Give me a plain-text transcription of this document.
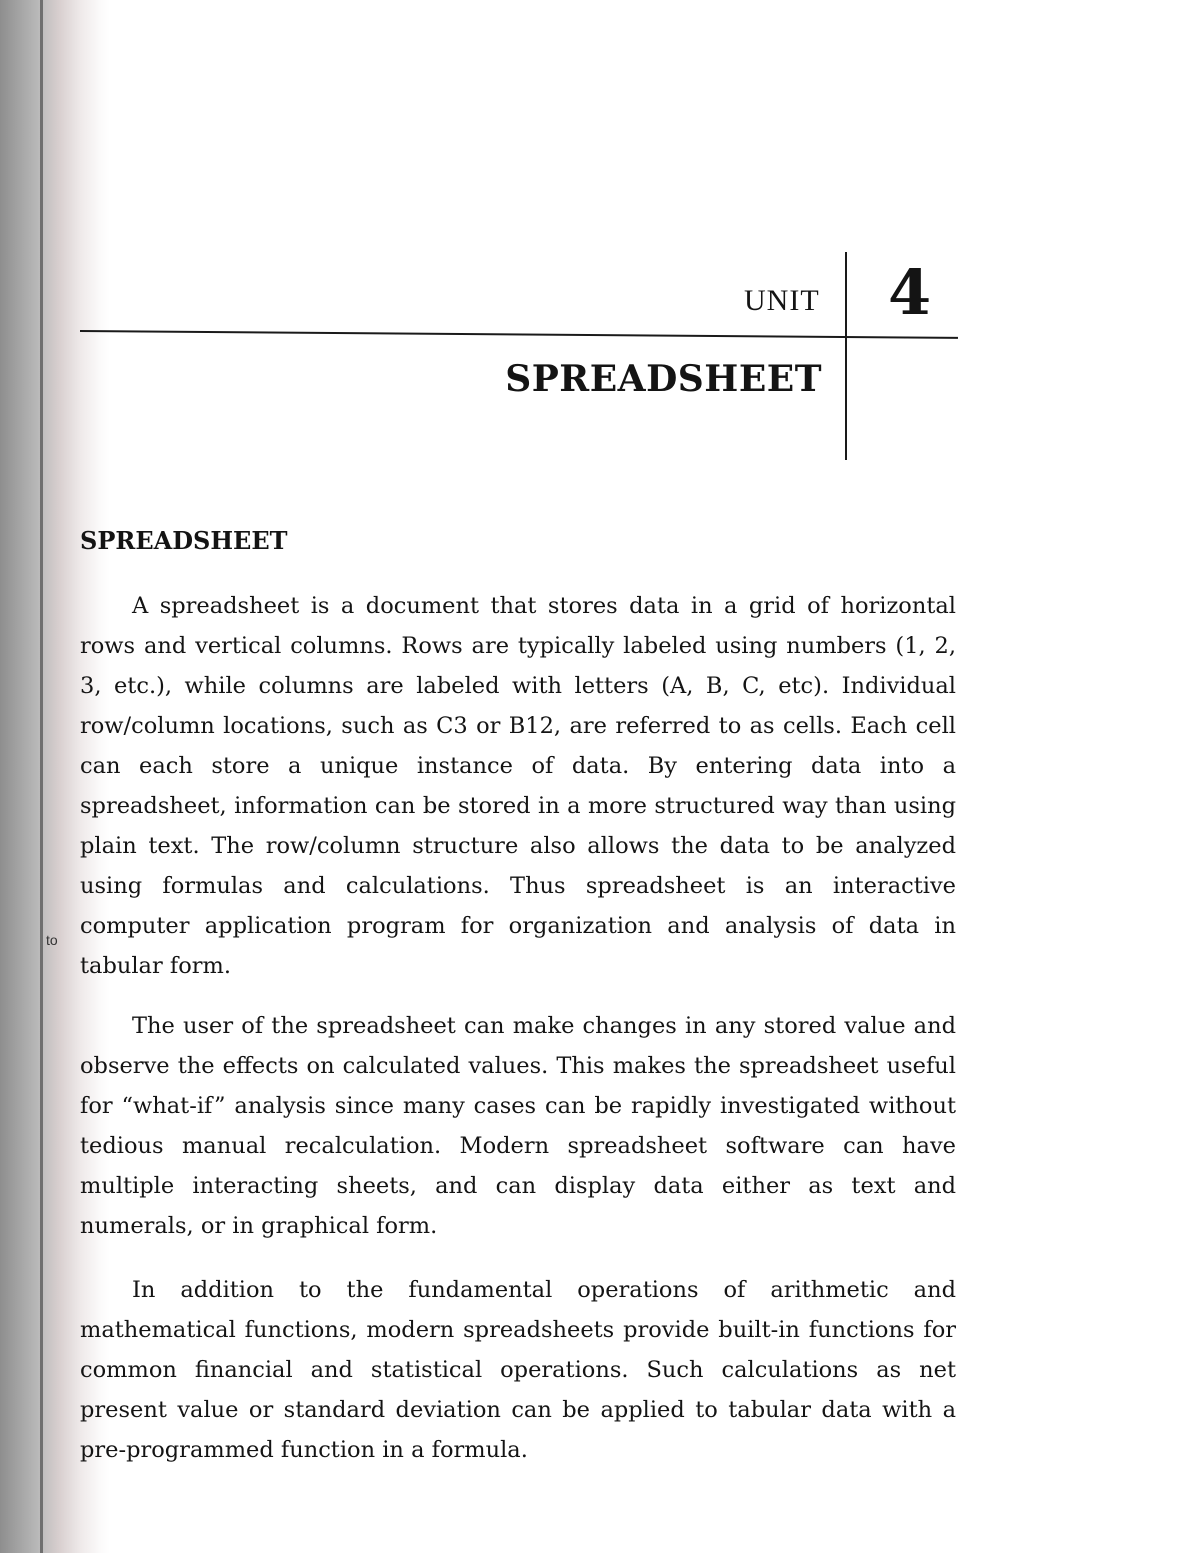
to
UNIT 4
SPREADSHEET
SPREADSHEET

A spreadsheet is a document that stores data in a grid of horizontal rows and vertical columns. Rows are typically labeled using numbers (1, 2, 3, etc.), while columns are labeled with letters (A, B, C, etc). Individual row/column locations, such as C3 or B12, are referred to as cells. Each cell can each store a unique instance of data. By entering data into a spreadsheet, information can be stored in a more structured way than using plain text. The row/column structure also allows the data to be analyzed using formulas and calculations. Thus spreadsheet is an interactive computer application program for organization and analysis of data in tabular form.

The user of the spreadsheet can make changes in any stored value and observe the effects on calculated values. This makes the spreadsheet useful for “what-if” analysis since many cases can be rapidly investigated without tedious manual recalculation. Modern spreadsheet software can have multiple interacting sheets, and can display data either as text and numerals, or in graphical form.

In addition to the fundamental operations of arithmetic and mathematical functions, modern spreadsheets provide built-in functions for common financial and statistical operations. Such calculations as net present value or standard deviation can be applied to tabular data with a pre-programmed function in a formula.
